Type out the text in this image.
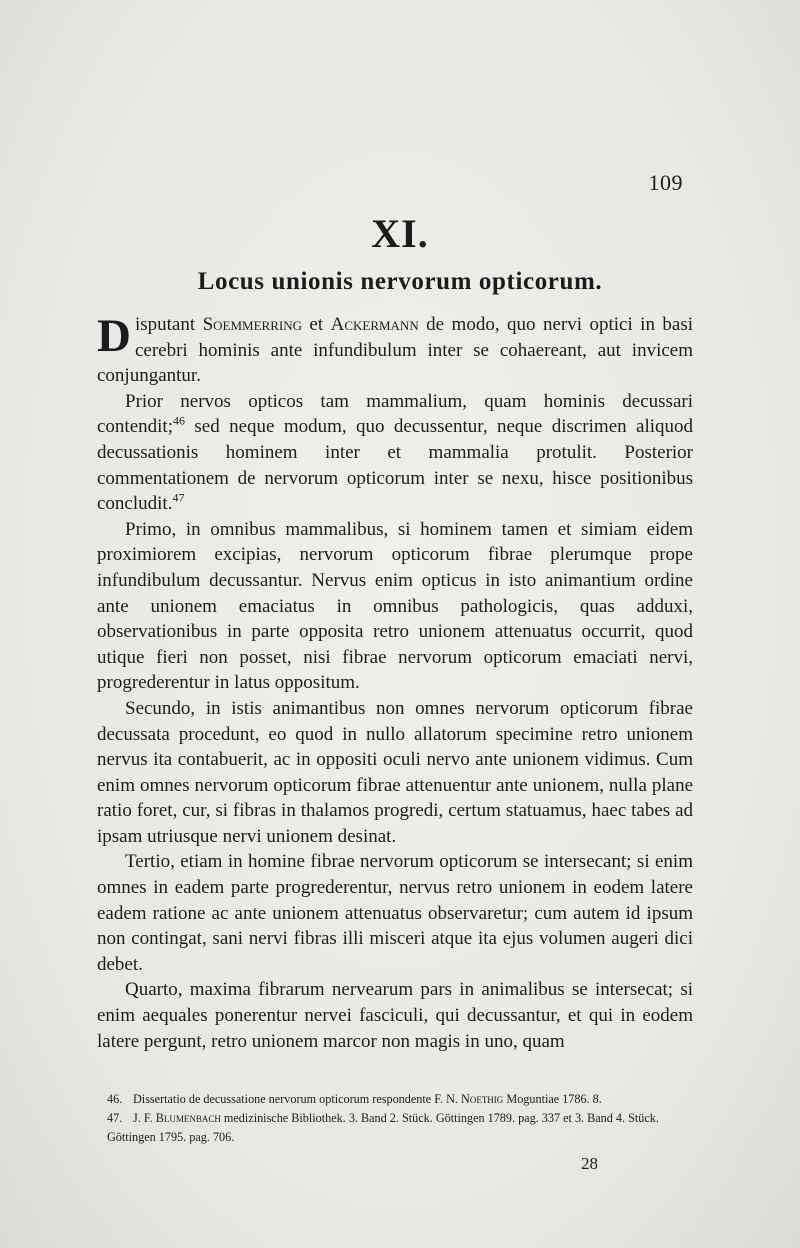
109
XI.
Locus unionis nervorum opticorum.

Disputant Soemmerring et Ackermann de modo, quo nervi optici in basi cerebri hominis ante infundibulum inter se cohaereant, aut invicem conjungantur.

Prior nervos opticos tam mammalium, quam hominis decussari contendit;$^{46}$ sed neque modum, quo decussentur, neque discrimen aliquod decussationis hominem inter et mammalia protulit. Posterior commentationem de nervorum opticorum inter se nexu, hisce positionibus concludit.$^{47}$

Primo, in omnibus mammalibus, si hominem tamen et simiam eidem proximiorem excipias, nervorum opticorum fibrae plerumque prope infundibulum decussantur. Nervus enim opticus in isto animantium ordine ante unionem emaciatus in omnibus pathologicis, quas adduxi, observationibus in parte opposita retro unionem attenuatus occurrit, quod utique fieri non posset, nisi fibrae nervorum opticorum emaciati nervi, progrederentur in latus oppositum.

Secundo, in istis animantibus non omnes nervorum opticorum fibrae decussata procedunt, eo quod in nullo allatorum specimine retro unionem nervus ita contabuerit, ac in oppositi oculi nervo ante unionem vidimus. Cum enim omnes nervorum opticorum fibrae attenuentur ante unionem, nulla plane ratio foret, cur, si fibras in thalamos progredi, certum statuamus, haec tabes ad ipsam utriusque nervi unionem desinat.

Tertio, etiam in homine fibrae nervorum opticorum se intersecant; si enim omnes in eadem parte progrederentur, nervus retro unionem in eodem latere eadem ratione ac ante unionem attenuatus observaretur; cum autem id ipsum non contingat, sani nervi fibras illi misceri atque ita ejus volumen augeri dici debet.

Quarto, maxima fibrarum nervearum pars in animalibus se intersecat; si enim aequales ponerentur nervei fasciculi, qui decussantur, et qui in eodem latere pergunt, retro unionem marcor non magis in uno, quam

46. Dissertatio de decussatione nervorum opticorum respondente F. N. Noethig Moguntiae 1786. 8.
47. J. F. Blumenbach medizinische Bibliothek. 3. Band 2. Stück. Göttingen 1789. pag. 337 et 3. Band 4. Stück. Göttingen 1795. pag. 706.
28
